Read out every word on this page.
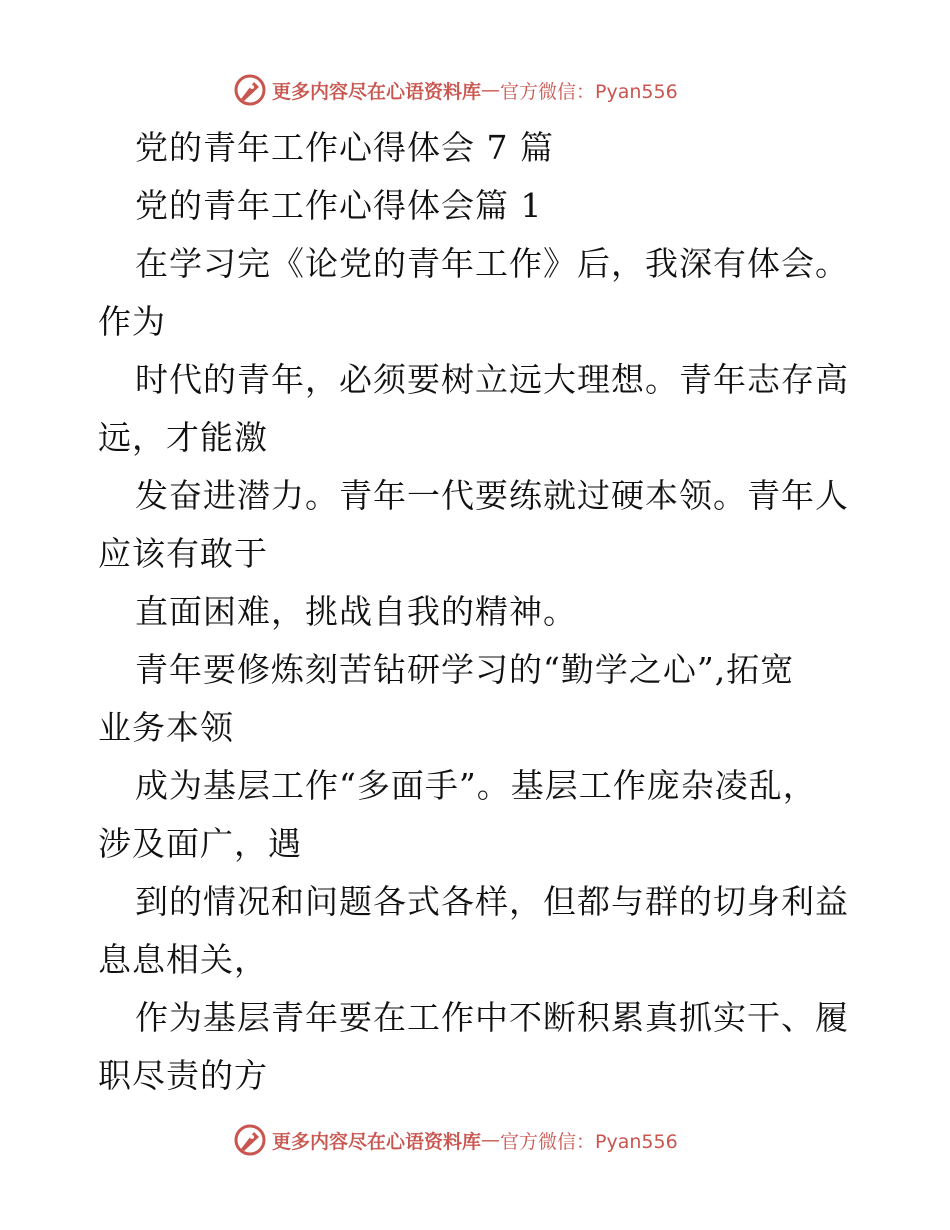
更多内容尽在心语资料库 — 官方微信：Pyan556
党的青年工作心得体会 7 篇
党的青年工作心得体会篇 1
在学习完《论党的青年工作》后，我深有体会。
作为
时代的青年，必须要树立远大理想。青年志存高
远，才能激
发奋进潜力。青年一代要练就过硬本领。青年人
应该有敢于
直面困难，挑战自我的精神。
青年要修炼刻苦钻研学习的“勤学之心”,拓宽
业务本领
成为基层工作“多面手”。基层工作庞杂凌乱，
涉及面广，遇
到的情况和问题各式各样，但都与群的切身利益
息息相关，
作为基层青年要在工作中不断积累真抓实干、履
职尽责的方
更多内容尽在心语资料库 — 官方微信：Pyan556
